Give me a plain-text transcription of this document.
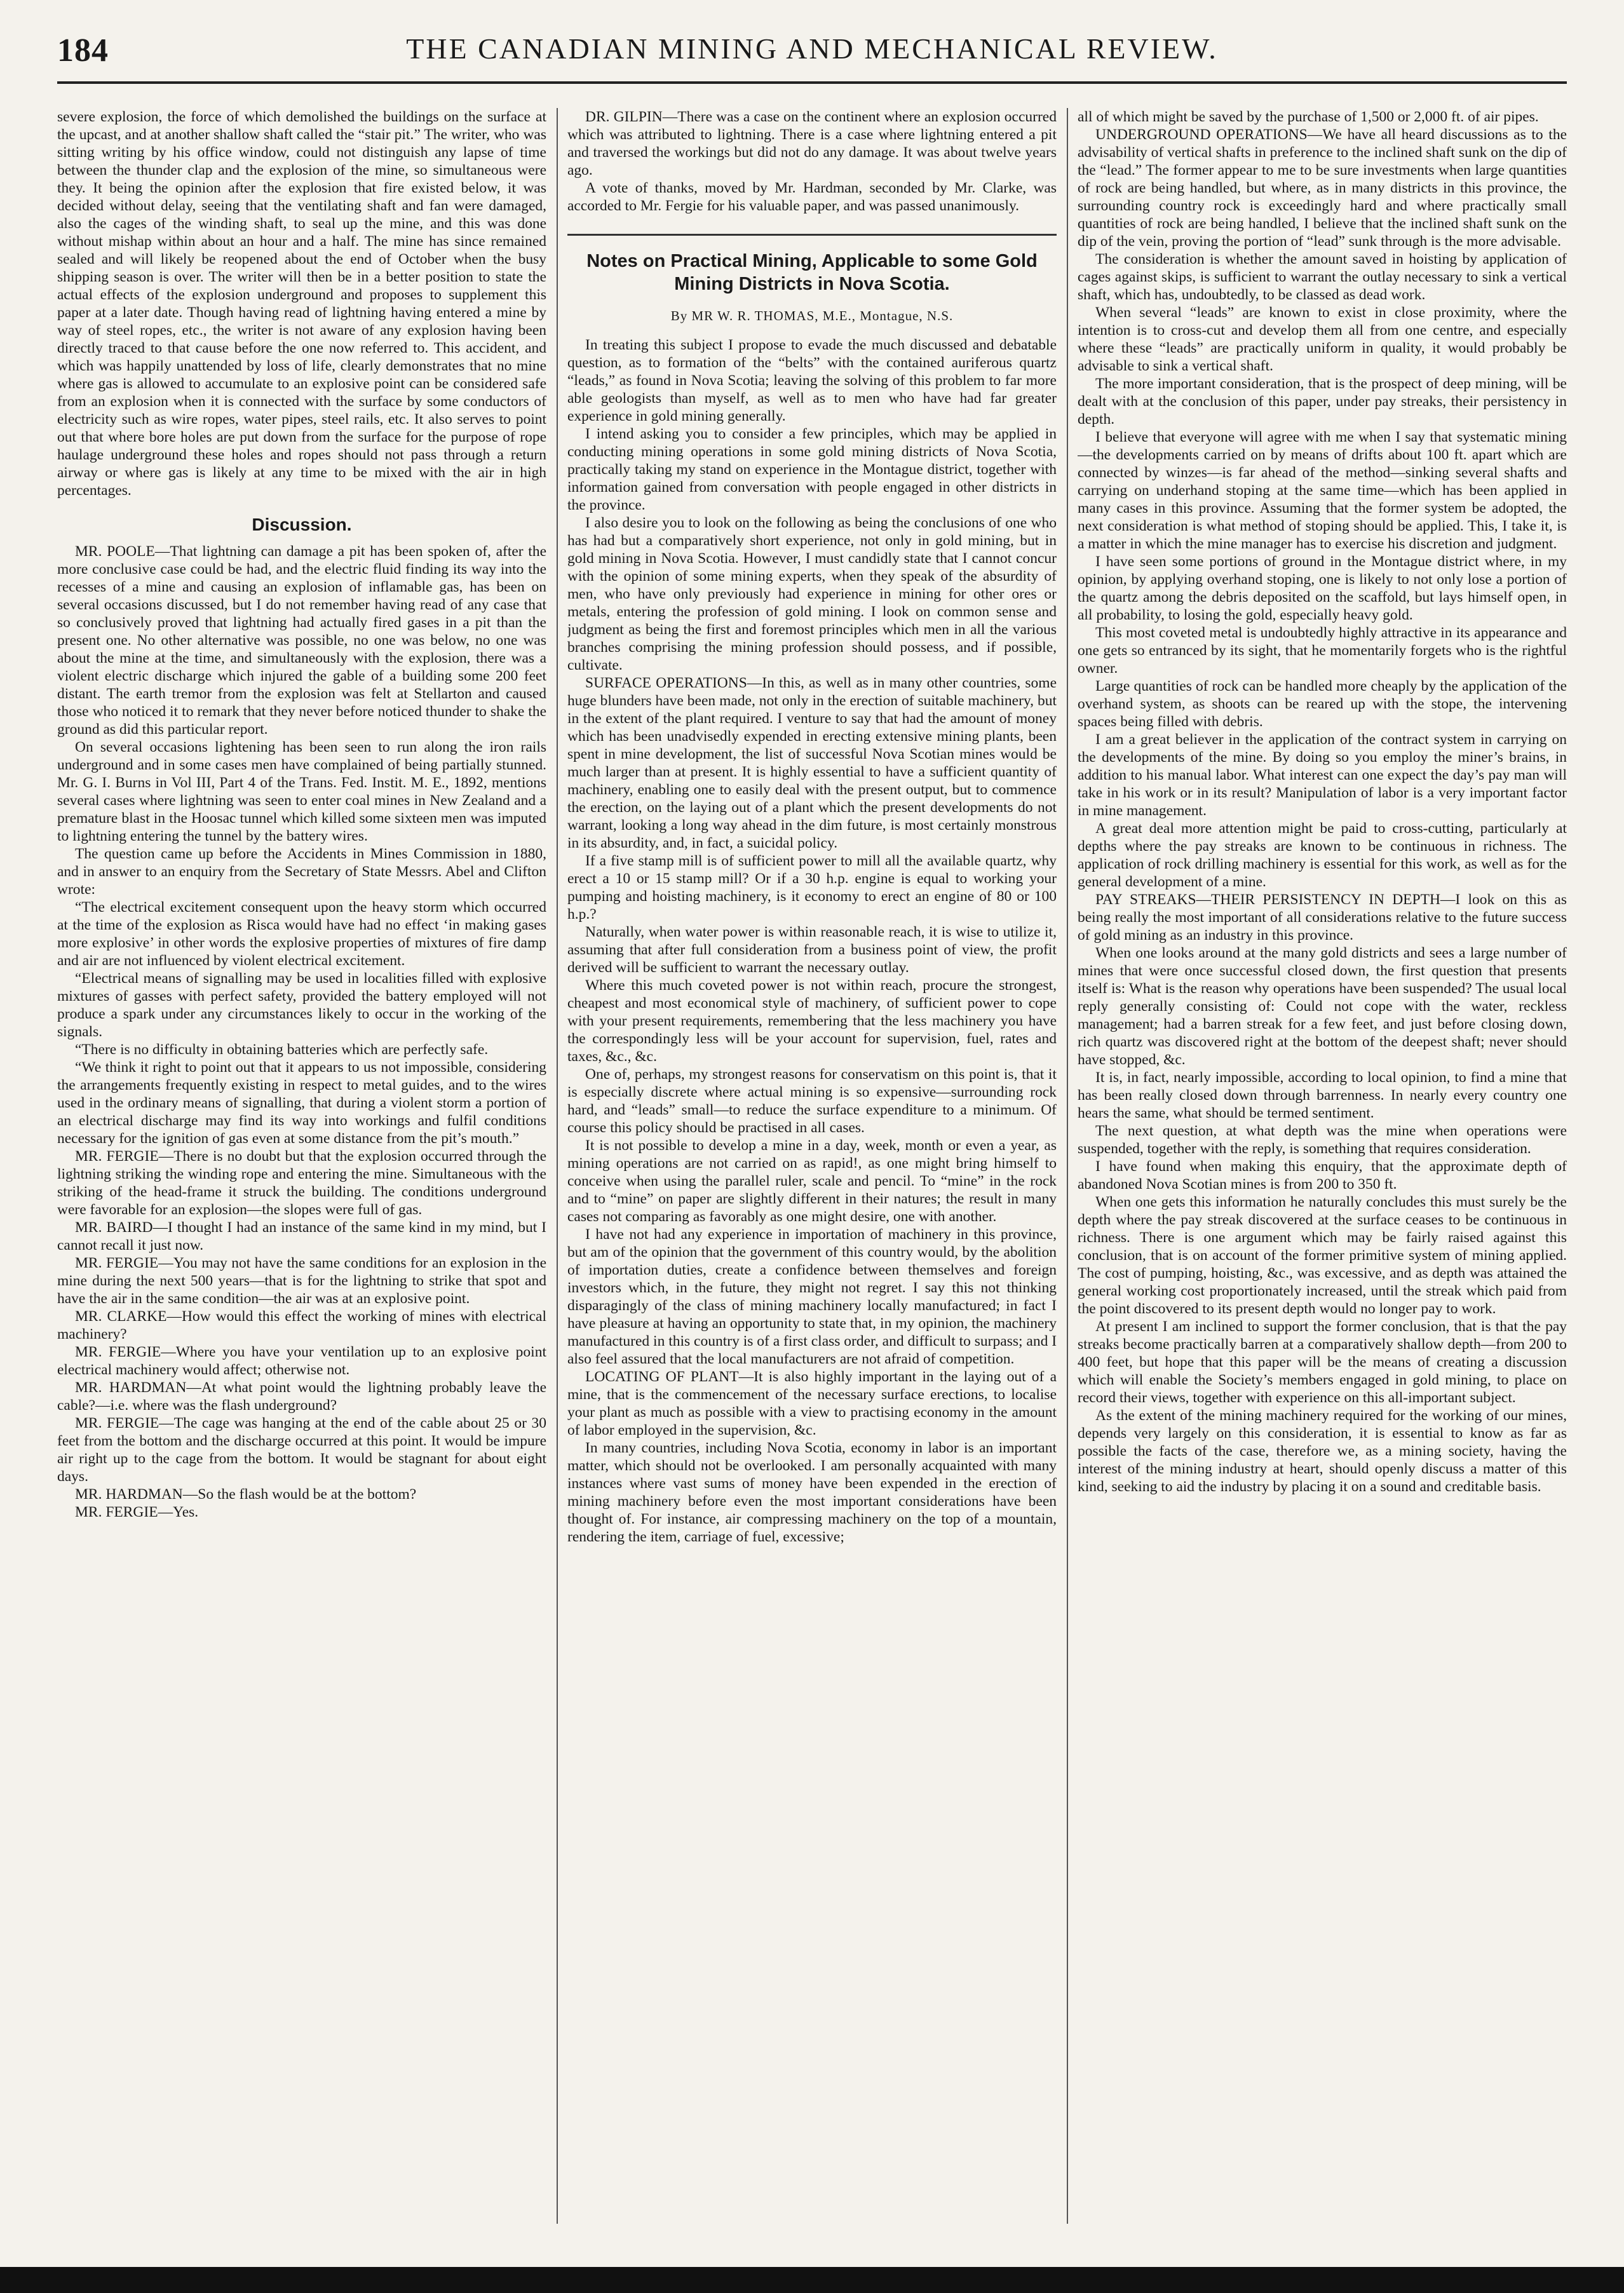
184	THE CANADIAN MINING AND MECHANICAL REVIEW.

severe explosion, the force of which demolished the buildings on the surface at the upcast, and at another shallow shaft called the “stair pit.” The writer, who was sitting writing by his office window, could not distinguish any lapse of time between the thunder clap and the explosion of the mine, so simultaneous were they. It being the opinion after the explosion that fire existed below, it was decided without delay, seeing that the ventilating shaft and fan were damaged, also the cages of the winding shaft, to seal up the mine, and this was done without mishap within about an hour and a half. The mine has since remained sealed and will likely be reopened about the end of October when the busy shipping season is over. The writer will then be in a better position to state the actual effects of the explosion underground and proposes to supplement this paper at a later date. Though having read of lightning having entered a mine by way of steel ropes, etc., the writer is not aware of any explosion having been directly traced to that cause before the one now referred to. This accident, and which was happily unattended by loss of life, clearly demonstrates that no mine where gas is allowed to accumulate to an explosive point can be considered safe from an explosion when it is connected with the surface by some conductors of electricity such as wire ropes, water pipes, steel rails, etc. It also serves to point out that where bore holes are put down from the surface for the purpose of rope haulage underground these holes and ropes should not pass through a return airway or where gas is likely at any time to be mixed with the air in high percentages.

Discussion.

MR. POOLE—That lightning can damage a pit has been spoken of, after the more conclusive case could be had, and the electric fluid finding its way into the recesses of a mine and causing an explosion of inflamable gas, has been on several occasions discussed, but I do not remember having read of any case that so conclusively proved that lightning had actually fired gases in a pit than the present one. No other alternative was possible, no one was below, no one was about the mine at the time, and simultaneously with the explosion, there was a violent electric discharge which injured the gable of a building some 200 feet distant. The earth tremor from the explosion was felt at Stellarton and caused those who noticed it to remark that they never before noticed thunder to shake the ground as did this particular report.

On several occasions lightening has been seen to run along the iron rails underground and in some cases men have complained of being partially stunned. Mr. G. I. Burns in Vol III, Part 4 of the Trans. Fed. Instit. M. E., 1892, mentions several cases where lightning was seen to enter coal mines in New Zealand and a premature blast in the Hoosac tunnel which killed some sixteen men was imputed to lightning entering the tunnel by the battery wires.

The question came up before the Accidents in Mines Commission in 1880, and in answer to an enquiry from the Secretary of State Messrs. Abel and Clifton wrote:

“The electrical excitement consequent upon the heavy storm which occurred at the time of the explosion as Risca would have had no effect ‘in making gases more explosive’ in other words the explosive properties of mixtures of fire damp and air are not influenced by violent electrical excitement.

“Electrical means of signalling may be used in localities filled with explosive mixtures of gasses with perfect safety, provided the battery employed will not produce a spark under any circumstances likely to occur in the working of the signals.

“There is no difficulty in obtaining batteries which are perfectly safe.

“We think it right to point out that it appears to us not impossible, considering the arrangements frequently existing in respect to metal guides, and to the wires used in the ordinary means of signalling, that during a violent storm a portion of an electrical discharge may find its way into workings and fulfil conditions necessary for the ignition of gas even at some distance from the pit’s mouth.”

MR. FERGIE—There is no doubt but that the explosion occurred through the lightning striking the winding rope and entering the mine. Simultaneous with the striking of the head-frame it struck the building. The conditions underground were favorable for an explosion—the slopes were full of gas.

MR. BAIRD—I thought I had an instance of the same kind in my mind, but I cannot recall it just now.

MR. FERGIE—You may not have the same conditions for an explosion in the mine during the next 500 years—that is for the lightning to strike that spot and have the air in the same condition—the air was at an explosive point.

MR. CLARKE—How would this effect the working of mines with electrical machinery?

MR. FERGIE—Where you have your ventilation up to an explosive point electrical machinery would affect; otherwise not.

MR. HARDMAN—At what point would the lightning probably leave the cable?—i.e. where was the flash underground?

MR. FERGIE—The cage was hanging at the end of the cable about 25 or 30 feet from the bottom and the discharge occurred at this point. It would be impure air right up to the cage from the bottom. It would be stagnant for about eight days.

MR. HARDMAN—So the flash would be at the bottom?

MR. FERGIE—Yes.

DR. GILPIN—There was a case on the continent where an explosion occurred which was attributed to lightning. There is a case where lightning entered a pit and traversed the workings but did not do any damage. It was about twelve years ago.

A vote of thanks, moved by Mr. Hardman, seconded by Mr. Clarke, was accorded to Mr. Fergie for his valuable paper, and was passed unanimously.

Notes on Practical Mining, Applicable to some Gold Mining Districts in Nova Scotia.
By MR W. R. THOMAS, M.E., Montague, N.S.

In treating this subject I propose to evade the much discussed and debatable question, as to formation of the “belts” with the contained auriferous quartz “leads,” as found in Nova Scotia; leaving the solving of this problem to far more able geologists than myself, as well as to men who have had far greater experience in gold mining generally.

I intend asking you to consider a few principles, which may be applied in conducting mining operations in some gold mining districts of Nova Scotia, practically taking my stand on experience in the Montague district, together with information gained from conversation with people engaged in other districts in the province.

I also desire you to look on the following as being the conclusions of one who has had but a comparatively short experience, not only in gold mining, but in gold mining in Nova Scotia. However, I must candidly state that I cannot concur with the opinion of some mining experts, when they speak of the absurdity of men, who have only previously had experience in mining for other ores or metals, entering the profession of gold mining. I look on common sense and judgment as being the first and foremost principles which men in all the various branches comprising the mining profession should possess, and if possible, cultivate.

SURFACE OPERATIONS—In this, as well as in many other countries, some huge blunders have been made, not only in the erection of suitable machinery, but in the extent of the plant required. I venture to say that had the amount of money which has been unadvisedly expended in erecting extensive mining plants, been spent in mine development, the list of successful Nova Scotian mines would be much larger than at present. It is highly essential to have a sufficient quantity of machinery, enabling one to easily deal with the present output, but to commence the erection, on the laying out of a plant which the present developments do not warrant, looking a long way ahead in the dim future, is most certainly monstrous in its absurdity, and, in fact, a suicidal policy.

If a five stamp mill is of sufficient power to mill all the available quartz, why erect a 10 or 15 stamp mill? Or if a 30 h.p. engine is equal to working your pumping and hoisting machinery, is it economy to erect an engine of 80 or 100 h.p.?

Naturally, when water power is within reasonable reach, it is wise to utilize it, assuming that after full consideration from a business point of view, the profit derived will be sufficient to warrant the necessary outlay.

Where this much coveted power is not within reach, procure the strongest, cheapest and most economical style of machinery, of sufficient power to cope with your present requirements, remembering that the less machinery you have the correspondingly less will be your account for supervision, fuel, rates and taxes, &c., &c.

One of, perhaps, my strongest reasons for conservatism on this point is, that it is especially discrete where actual mining is so expensive—surrounding rock hard, and “leads” small—to reduce the surface expenditure to a minimum. Of course this policy should be practised in all cases.

It is not possible to develop a mine in a day, week, month or even a year, as mining operations are not carried on as rapid!, as one might bring himself to conceive when using the parallel ruler, scale and pencil. To “mine” in the rock and to “mine” on paper are slightly different in their natures; the result in many cases not comparing as favorably as one might desire, one with another.

I have not had any experience in importation of machinery in this province, but am of the opinion that the government of this country would, by the abolition of importation duties, create a confidence between themselves and foreign investors which, in the future, they might not regret. I say this not thinking disparagingly of the class of mining machinery locally manufactured; in fact I have pleasure at having an opportunity to state that, in my opinion, the machinery manufactured in this country is of a first class order, and difficult to surpass; and I also feel assured that the local manufacturers are not afraid of competition.

LOCATING OF PLANT—It is also highly important in the laying out of a mine, that is the commencement of the necessary surface erections, to localise your plant as much as possible with a view to practising economy in the amount of labor employed in the supervision, &c.

In many countries, including Nova Scotia, economy in labor is an important matter, which should not be overlooked. I am personally acquainted with many instances where vast sums of money have been expended in the erection of mining machinery before even the most important considerations have been thought of. For instance, air compressing machinery on the top of a mountain, rendering the item, carriage of fuel, excessive;

all of which might be saved by the purchase of 1,500 or 2,000 ft. of air pipes.

UNDERGROUND OPERATIONS—We have all heard discussions as to the advisability of vertical shafts in preference to the inclined shaft sunk on the dip of the “lead.” The former appear to me to be sure investments when large quantities of rock are being handled, but where, as in many districts in this province, the surrounding country rock is exceedingly hard and where practically small quantities of rock are being handled, I believe that the inclined shaft sunk on the dip of the vein, proving the portion of “lead” sunk through is the more advisable.

The consideration is whether the amount saved in hoisting by application of cages against skips, is sufficient to warrant the outlay necessary to sink a vertical shaft, which has, undoubtedly, to be classed as dead work.

When several “leads” are known to exist in close proximity, where the intention is to cross-cut and develop them all from one centre, and especially where these “leads” are practically uniform in quality, it would probably be advisable to sink a vertical shaft.

The more important consideration, that is the prospect of deep mining, will be dealt with at the conclusion of this paper, under pay streaks, their persistency in depth.

I believe that everyone will agree with me when I say that systematic mining—the developments carried on by means of drifts about 100 ft. apart which are connected by winzes—is far ahead of the method—sinking several shafts and carrying on underhand stoping at the same time—which has been applied in many cases in this province. Assuming that the former system be adopted, the next consideration is what method of stoping should be applied. This, I take it, is a matter in which the mine manager has to exercise his discretion and judgment.

I have seen some portions of ground in the Montague district where, in my opinion, by applying overhand stoping, one is likely to not only lose a portion of the quartz among the debris deposited on the scaffold, but lays himself open, in all probability, to losing the gold, especially heavy gold.

This most coveted metal is undoubtedly highly attractive in its appearance and one gets so entranced by its sight, that he momentarily forgets who is the rightful owner.

Large quantities of rock can be handled more cheaply by the application of the overhand system, as shoots can be reared up with the stope, the intervening spaces being filled with debris.

I am a great believer in the application of the contract system in carrying on the developments of the mine. By doing so you employ the miner’s brains, in addition to his manual labor. What interest can one expect the day’s pay man will take in his work or in its result? Manipulation of labor is a very important factor in mine management.

A great deal more attention might be paid to cross-cutting, particularly at depths where the pay streaks are known to be continuous in richness. The application of rock drilling machinery is essential for this work, as well as for the general development of a mine.

PAY STREAKS—THEIR PERSISTENCY IN DEPTH—I look on this as being really the most important of all considerations relative to the future success of gold mining as an industry in this province.

When one looks around at the many gold districts and sees a large number of mines that were once successful closed down, the first question that presents itself is: What is the reason why operations have been suspended? The usual local reply generally consisting of: Could not cope with the water, reckless management; had a barren streak for a few feet, and just before closing down, rich quartz was discovered right at the bottom of the deepest shaft; never should have stopped, &c.

It is, in fact, nearly impossible, according to local opinion, to find a mine that has been really closed down through barrenness. In nearly every country one hears the same, what should be termed sentiment.

The next question, at what depth was the mine when operations were suspended, together with the reply, is something that requires consideration.

I have found when making this enquiry, that the approximate depth of abandoned Nova Scotian mines is from 200 to 350 ft.

When one gets this information he naturally concludes this must surely be the depth where the pay streak discovered at the surface ceases to be continuous in richness. There is one argument which may be fairly raised against this conclusion, that is on account of the former primitive system of mining applied. The cost of pumping, hoisting, &c., was excessive, and as depth was attained the general working cost proportionately increased, until the streak which paid from the point discovered to its present depth would no longer pay to work.

At present I am inclined to support the former conclusion, that is that the pay streaks become practically barren at a comparatively shallow depth—from 200 to 400 feet, but hope that this paper will be the means of creating a discussion which will enable the Society’s members engaged in gold mining, to place on record their views, together with experience on this all-important subject.

As the extent of the mining machinery required for the working of our mines, depends very largely on this consideration, it is essential to know as far as possible the facts of the case, therefore we, as a mining society, having the interest of the mining industry at heart, should openly discuss a matter of this kind, seeking to aid the industry by placing it on a sound and creditable basis.
